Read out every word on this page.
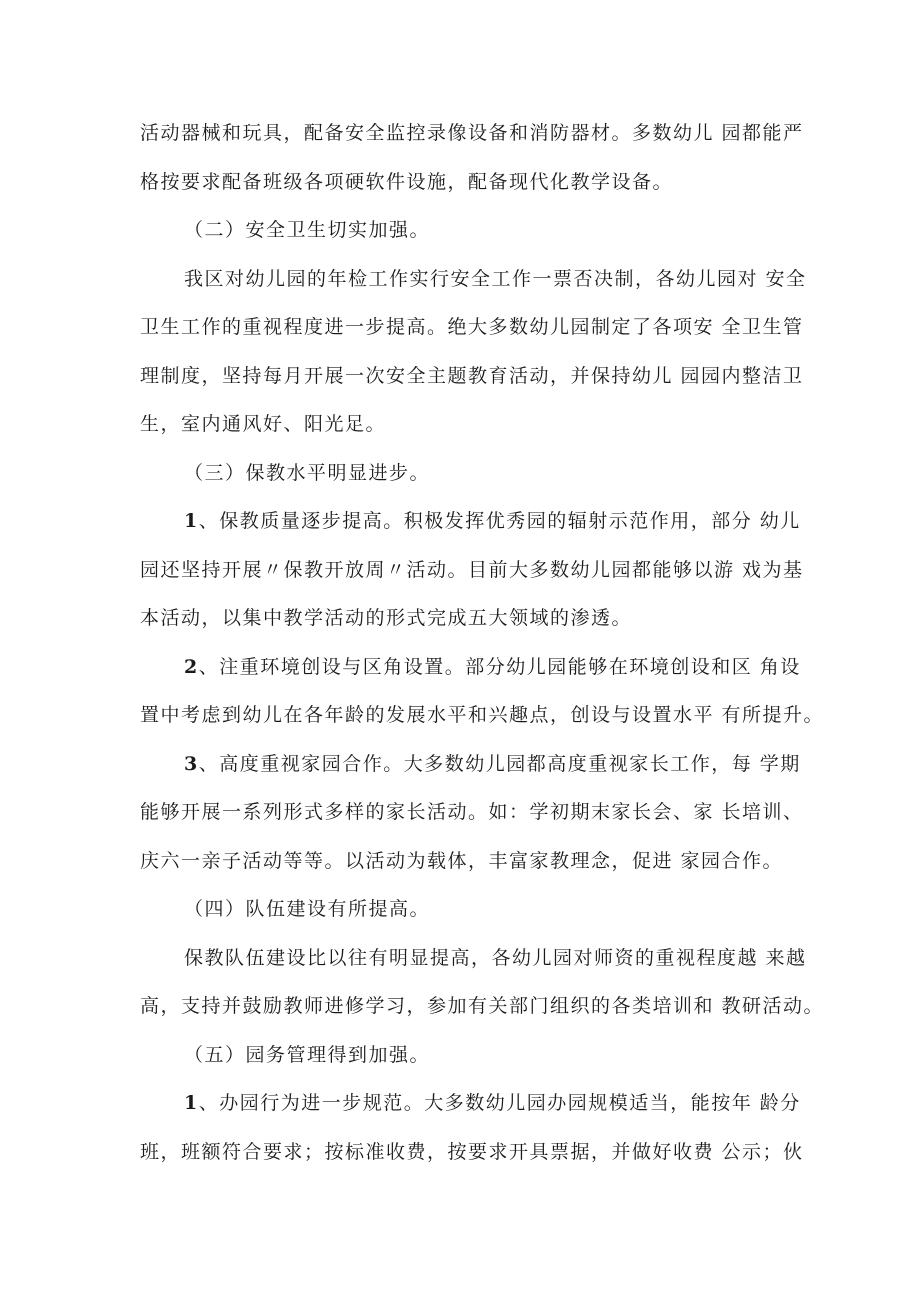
活动器械和玩具，配备安全监控录像设备和消防器材。多数幼儿 园都能严
格按要求配备班级各项硬软件设施，配备现代化教学设备。
（二）安全卫生切实加强。
我区对幼儿园的年检工作实行安全工作一票否决制，各幼儿园对 安全
卫生工作的重视程度进一步提高。绝大多数幼儿园制定了各项安 全卫生管
理制度，坚持每月开展一次安全主题教育活动，并保持幼儿 园园内整洁卫
生，室内通风好、阳光足。
（三）保教水平明显进步。
1、保教质量逐步提高。积极发挥优秀园的辐射示范作用，部分 幼儿
园还坚持开展〃保教开放周〃活动。目前大多数幼儿园都能够以游 戏为基
本活动，以集中教学活动的形式完成五大领域的渗透。
2、注重环境创设与区角设置。部分幼儿园能够在环境创设和区 角设
置中考虑到幼儿在各年龄的发展水平和兴趣点，创设与设置水平 有所提升。
3、高度重视家园合作。大多数幼儿园都高度重视家长工作，每 学期
能够开展一系列形式多样的家长活动。如：学初期末家长会、家 长培训、
庆六一亲子活动等等。以活动为载体，丰富家教理念，促进 家园合作。
（四）队伍建设有所提高。
保教队伍建设比以往有明显提高，各幼儿园对师资的重视程度越 来越
高，支持并鼓励教师进修学习，参加有关部门组织的各类培训和 教研活动。
（五）园务管理得到加强。
1、办园行为进一步规范。大多数幼儿园办园规模适当，能按年 龄分
班，班额符合要求；按标准收费，按要求开具票据，并做好收费 公示；伙
